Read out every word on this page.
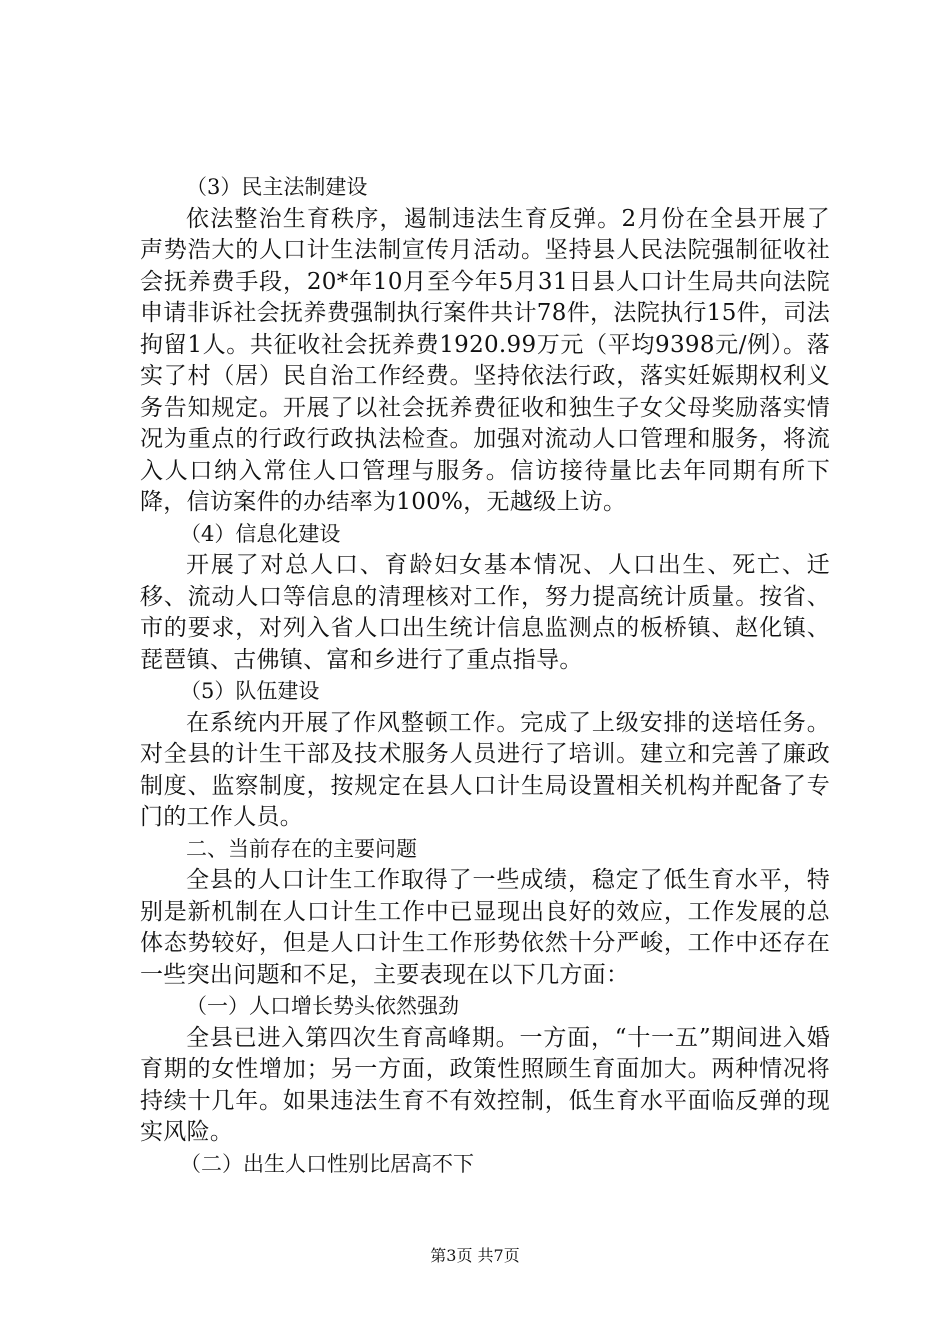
（3）民主法制建设

依法整治生育秩序，遏制违法生育反弹。2月份在全县开展了声势浩大的人口计生法制宣传月活动。坚持县人民法院强制征收社会抚养费手段，20*年10月至今年5月31日县人口计生局共向法院申请非诉社会抚养费强制执行案件共计78件，法院执行15件，司法拘留1人。共征收社会抚养费1920.99万元（平均9398元/例）。落实了村（居）民自治工作经费。坚持依法行政，落实妊娠期权利义务告知规定。开展了以社会抚养费征收和独生子女父母奖励落实情况为重点的行政行政执法检查。加强对流动人口管理和服务，将流入人口纳入常住人口管理与服务。信访接待量比去年同期有所下降，信访案件的办结率为100%，无越级上访。

（4）信息化建设

开展了对总人口、育龄妇女基本情况、人口出生、死亡、迁移、流动人口等信息的清理核对工作，努力提高统计质量。按省、市的要求，对列入省人口出生统计信息监测点的板桥镇、赵化镇、琵琶镇、古佛镇、富和乡进行了重点指导。

（5）队伍建设

在系统内开展了作风整顿工作。完成了上级安排的送培任务。对全县的计生干部及技术服务人员进行了培训。建立和完善了廉政制度、监察制度，按规定在县人口计生局设置相关机构并配备了专门的工作人员。

二、当前存在的主要问题

全县的人口计生工作取得了一些成绩，稳定了低生育水平，特别是新机制在人口计生工作中已显现出良好的效应，工作发展的总体态势较好，但是人口计生工作形势依然十分严峻，工作中还存在一些突出问题和不足，主要表现在以下几方面：

（一）人口增长势头依然强劲

全县已进入第四次生育高峰期。一方面，“十一五”期间进入婚育期的女性增加；另一方面，政策性照顾生育面加大。两种情况将持续十几年。如果违法生育不有效控制，低生育水平面临反弹的现实风险。

（二）出生人口性别比居高不下

第3页 共7页
